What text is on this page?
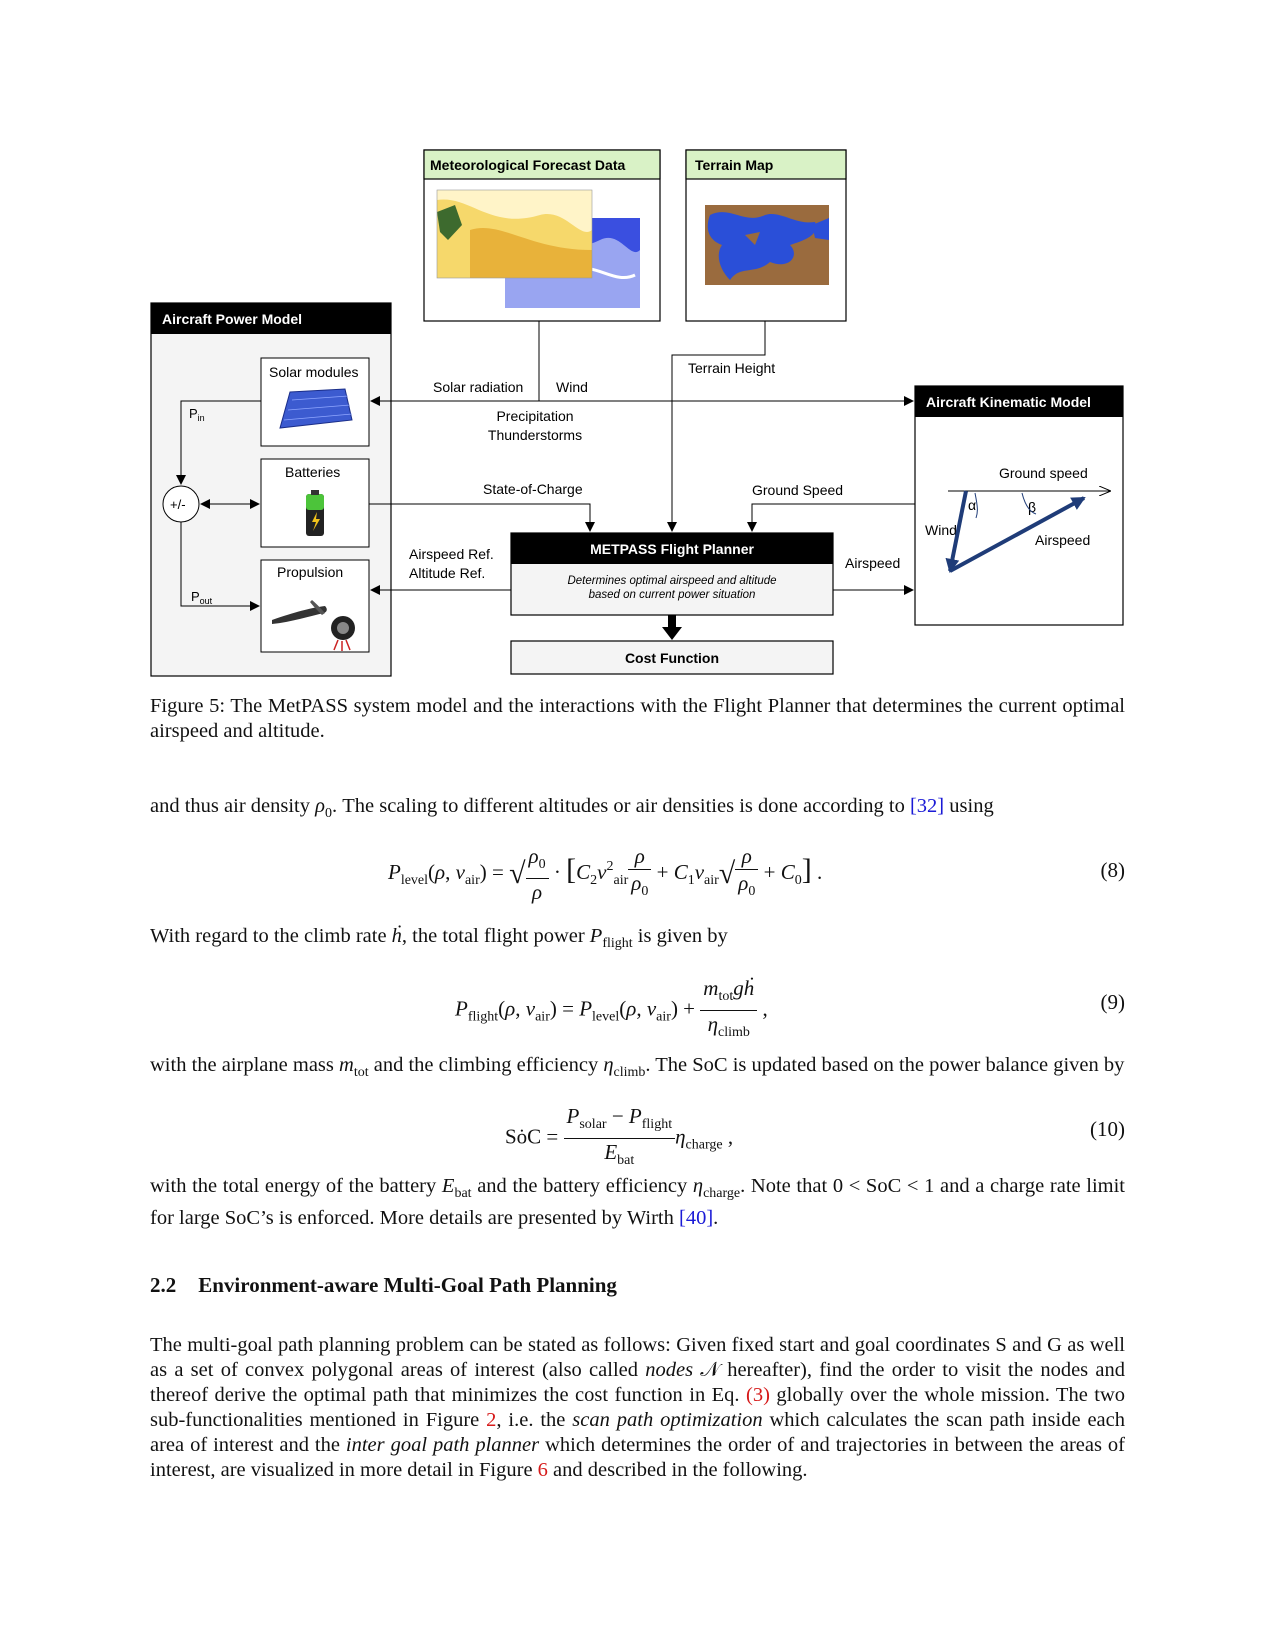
Meteorological Forecast Data	Terrain Map
Aircraft Power Model
Solar modules
Batteries
Propulsion
+/-
$P_{in}$
$P_{out}$
Aircraft Kinematic Model
Ground speed
α	β
Wind
Airspeed
METPASS Flight Planner
Determines optimal airspeed and altitude
based on current power situation
Cost Function
Solar radiation Wind
Precipitation
Thunderstorms
Terrain Height
State-of-Charge	Ground Speed
Airspeed Ref.
Altitude Ref.
Airspeed
Figure 5: The MetPASS system model and the interactions with the Flight Planner that determines the current optimal airspeed and altitude.
and thus air density $\rho_0$. The scaling to different altitudes or air densities is done according to [32] using
$P_{level}(\rho$, $v_{air}$) = √ $\frac{\rho_0}{\rho} \cdot [C_2v^2_{air} \frac{\rho}{\rho_0} + C_1v_{air}√ \frac{\rho}{\rho_0} + C_0]$ .	(8)
With regard to the climb rate ḣ, the total flight power $P_{flight}$ is given by
$P_{flight}(\rho$, $v_{air}) = P_{level}(\rho$, $v_{air}) + \frac{m_{tot}gḣ}{\eta_{climb}}$ ,	(9)
with the airplane mass $m_{tot}$ and the climbing efficiency $\eta_{climb}$. The SoC is updated based on the power balance given by
SȯC = $\frac{P_{solar} - P_{flight}}{E_{bat}} \eta_{charge}$ ,	(10)
with the total energy of the battery $E_{bat}$ and the battery efficiency $\eta_{charge}$. Note that 0 < SoC < 1 and a charge rate limit for large SoC’s is enforced. More details are presented by Wirth [40].
2.2 Environment-aware Multi-Goal Path Planning
The multi-goal path planning problem can be stated as follows: Given fixed start and goal coordinates S and G as well as a set of convex polygonal areas of interest (also called nodes 𝒩 hereafter), find the order to visit the nodes and thereof derive the optimal path that minimizes the cost function in Eq. (3) globally over the whole mission. The two sub-functionalities mentioned in Figure 2, i.e. the scan path optimization which calculates the scan path inside each area of interest and the inter goal path planner which determines the order of and trajectories in between the areas of interest, are visualized in more detail in Figure 6 and described in the following.
